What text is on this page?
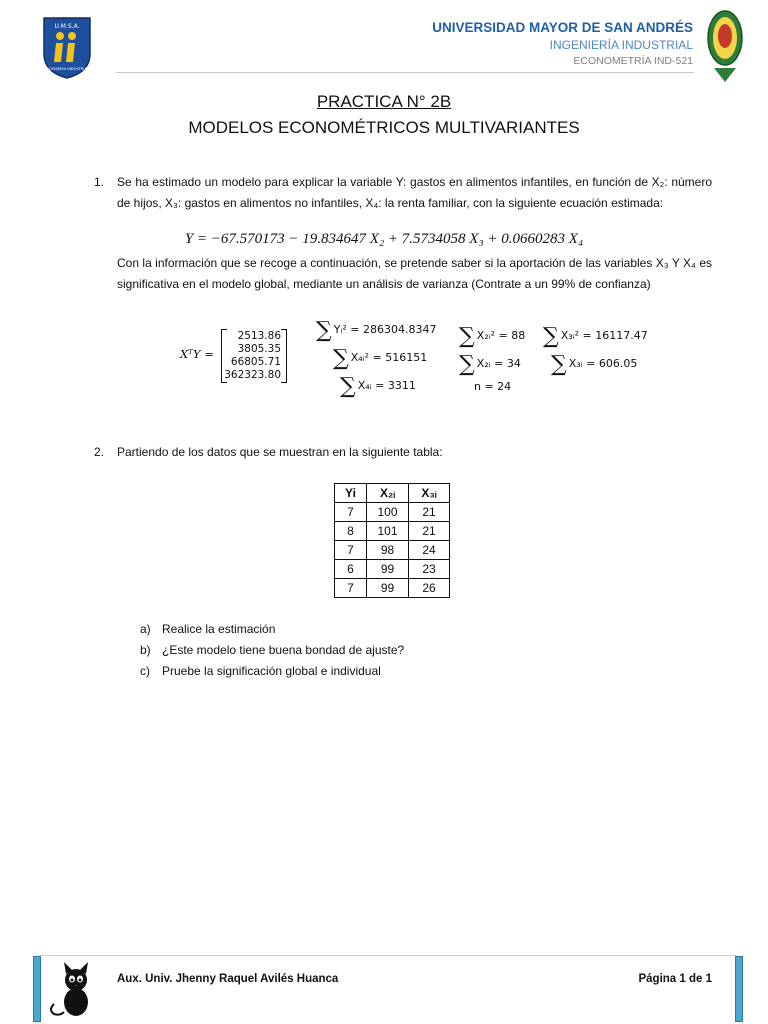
U.M.S.A.
INGENIERÍA INDUSTRIAL
UNIVERSIDAD MAYOR DE SAN ANDRÉS
INGENIERÍA INDUSTRIAL
ECONOMETRÍA IND-521
PRACTICA N° 2B
MODELOS ECONOMÉTRICOS MULTIVARIANTES
1. Se ha estimado un modelo para explicar la variable Y: gastos en alimentos infantiles, en función de X₂: número de hijos, X₃: gastos en alimentos no infantiles, X₄: la renta familiar, con la siguiente ecuación estimada:
Y = −67.570173 − 19.834647 X₂ + 7.5734058 X₃ + 0.0660283 X₄
Con la información que se recoge a continuación, se pretende saber si la aportación de las variables X₃ Y X₄ es significativa en el modelo global, mediante un análisis de varianza (Contrate a un 99% de confianza)
XᵀY =
2513.86
3805.35
66805.71
362323.80
∑ Yᵢ² = 286304.8347
∑ X₄ᵢ² = 516151
∑ X₄ᵢ = 3311
∑ X₂ᵢ² = 88
∑ X₂ᵢ = 34
n = 24
∑ X₃ᵢ² = 16117.47
∑ X₃ᵢ = 606.05
2. Partiendo de los datos que se muestran en la siguiente tabla:
Yi	X₂ᵢ	X₃ᵢ
7	100	21
8	101	21
7	98	24
6	99	23
7	99	26
a) Realice la estimación
b) ¿Este modelo tiene buena bondad de ajuste?
c) Pruebe la significación global e individual
Aux. Univ. Jhenny Raquel Avilés Huanca	Página 1 de 1
